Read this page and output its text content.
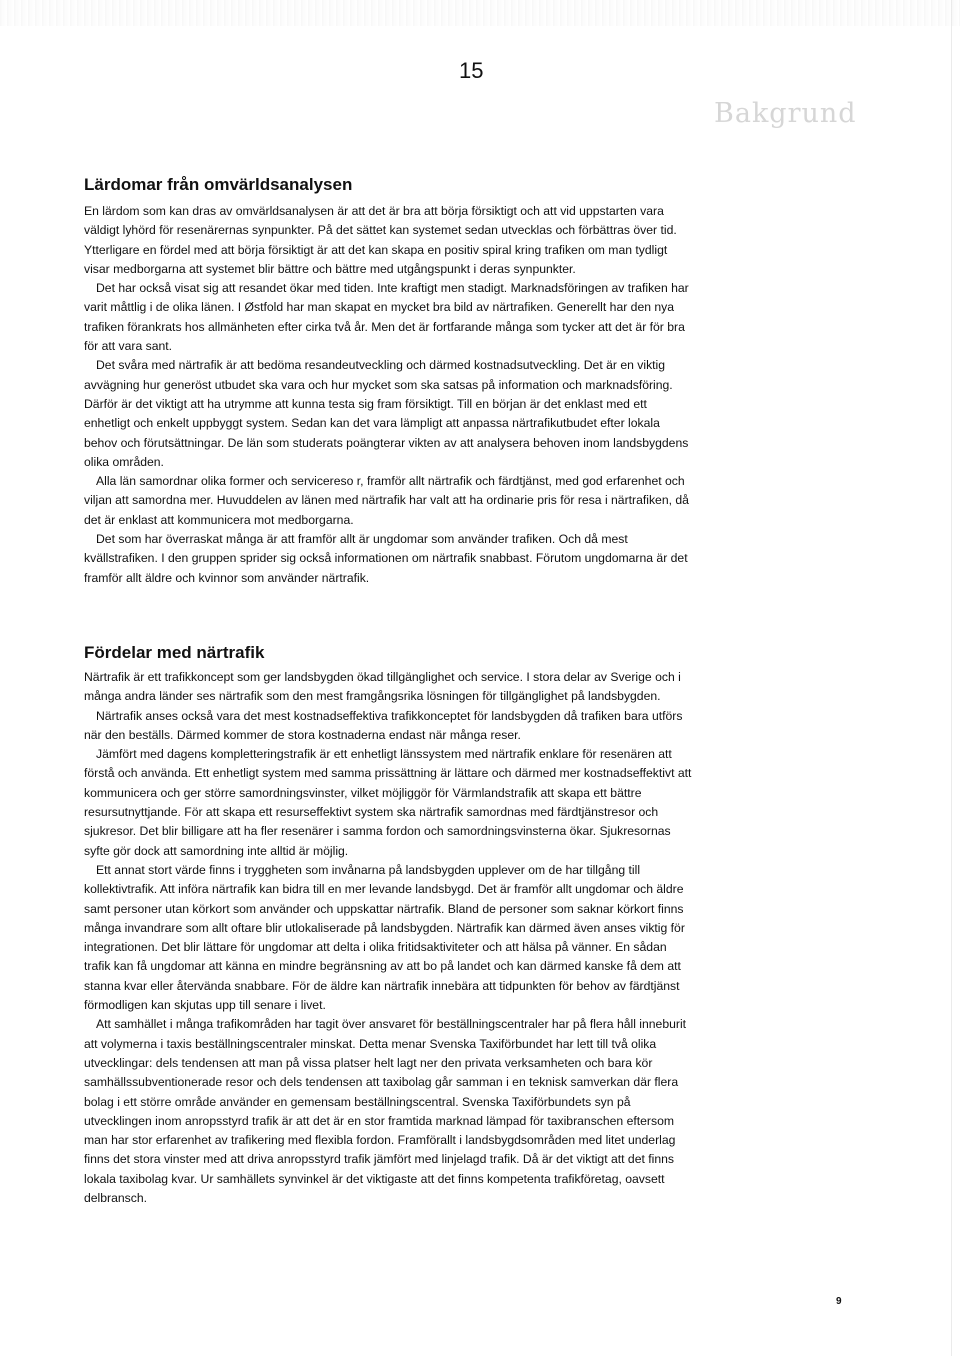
15
Bakgrund
Lärdomar från omvärldsanalysen

En lärdom som kan dras av omvärldsanalysen är att det är bra att börja försiktigt och att vid uppstarten vara väldigt lyhörd för resenärernas synpunkter. På det sättet kan systemet sedan utvecklas och förbättras över tid. Ytterligare en fördel med att börja försiktigt är att det kan skapa en positiv spiral kring trafiken om man tydligt visar medborgarna att systemet blir bättre och bättre med utgångspunkt i deras synpunkter.

Det har också visat sig att resandet ökar med tiden. Inte kraftigt men stadigt. Marknadsföringen av trafiken har varit måttlig i de olika länen. I Østfold har man skapat en mycket bra bild av närtrafiken. Generellt har den nya trafiken förankrats hos allmänheten efter cirka två år. Men det är fortfarande många som tycker att det är för bra för att vara sant.

Det svåra med närtrafik är att bedöma resandeutveckling och därmed kostnadsutveckling. Det är en viktig avvägning hur generöst utbudet ska vara och hur mycket som ska satsas på information och marknadsföring. Därför är det viktigt att ha utrymme att kunna testa sig fram försiktigt. Till en början är det enklast med ett enhetligt och enkelt uppbyggt system. Sedan kan det vara lämpligt att anpassa närtrafikutbudet efter lokala behov och förutsättningar. De län som studerats poängterar vikten av att analysera behoven inom landsbygdens olika områden.

Alla län samordnar olika former och servicereso r, framför allt närtrafik och färdtjänst, med god erfarenhet och viljan att samordna mer. Huvuddelen av länen med närtrafik har valt att ha ordinarie pris för resa i närtrafiken, då det är enklast att kommunicera mot medborgarna.

Det som har överraskat många är att framför allt är ungdomar som använder trafiken. Och då mest kvällstrafiken. I den gruppen sprider sig också informationen om närtrafik snabbast. Förutom ungdomarna är det framför allt äldre och kvinnor som använder närtrafik.

Fördelar med närtrafik

Närtrafik är ett trafikkoncept som ger landsbygden ökad tillgänglighet och service. I stora delar av Sverige och i många andra länder ses närtrafik som den mest framgångsrika lösningen för tillgänglighet på landsbygden.

Närtrafik anses också vara det mest kostnadseffektiva trafikkonceptet för landsbygden då trafiken bara utförs när den beställs. Därmed kommer de stora kostnaderna endast när många reser.

Jämfört med dagens kompletteringstrafik är ett enhetligt länssystem med närtrafik enklare för resenären att förstå och använda. Ett enhetligt system med samma prissättning är lättare och därmed mer kostnadseffektivt att kommunicera och ger större samordningsvinster, vilket möjliggör för Värmlandstrafik att skapa ett bättre resursutnyttjande. För att skapa ett resurseffektivt system ska närtrafik samordnas med färdtjänstresor och sjukresor. Det blir billigare att ha fler resenärer i samma fordon och samordningsvinsterna ökar. Sjukresornas syfte gör dock att samordning inte alltid är möjlig.

Ett annat stort värde finns i tryggheten som invånarna på landsbygden upplever om de har tillgång till kollektivtrafik. Att införa närtrafik kan bidra till en mer levande landsbygd. Det är framför allt ungdomar och äldre samt personer utan körkort som använder och uppskattar närtrafik. Bland de personer som saknar körkort finns många invandrare som allt oftare blir utlokaliserade på landsbygden. Närtrafik kan därmed även anses viktig för integrationen. Det blir lättare för ungdomar att delta i olika fritidsaktiviteter och att hälsa på vänner. En sådan trafik kan få ungdomar att känna en mindre begränsning av att bo på landet och kan därmed kanske få dem att stanna kvar eller återvända snabbare. För de äldre kan närtrafik innebära att tidpunkten för behov av färdtjänst förmodligen kan skjutas upp till senare i livet.

Att samhället i många trafikområden har tagit över ansvaret för beställningscentraler har på flera håll inneburit att volymerna i taxis beställningscentraler minskat. Detta menar Svenska Taxiförbundet har lett till två olika utvecklingar: dels tendensen att man på vissa platser helt lagt ner den privata verksamheten och bara kör samhällssubventionerade resor och dels tendensen att taxibolag går samman i en teknisk samverkan där flera bolag i ett större område använder en gemensam beställningscentral. Svenska Taxiförbundets syn på utvecklingen inom anropsstyrd trafik är att det är en stor framtida marknad lämpad för taxibranschen eftersom man har stor erfarenhet av trafikering med flexibla fordon. Framförallt i landsbygdsområden med litet underlag finns det stora vinster med att driva anropsstyrd trafik jämfört med linjelagd trafik. Då är det viktigt att det finns lokala taxibolag kvar. Ur samhällets synvinkel är det viktigaste att det finns kompetenta trafikföretag, oavsett delbransch.

9
